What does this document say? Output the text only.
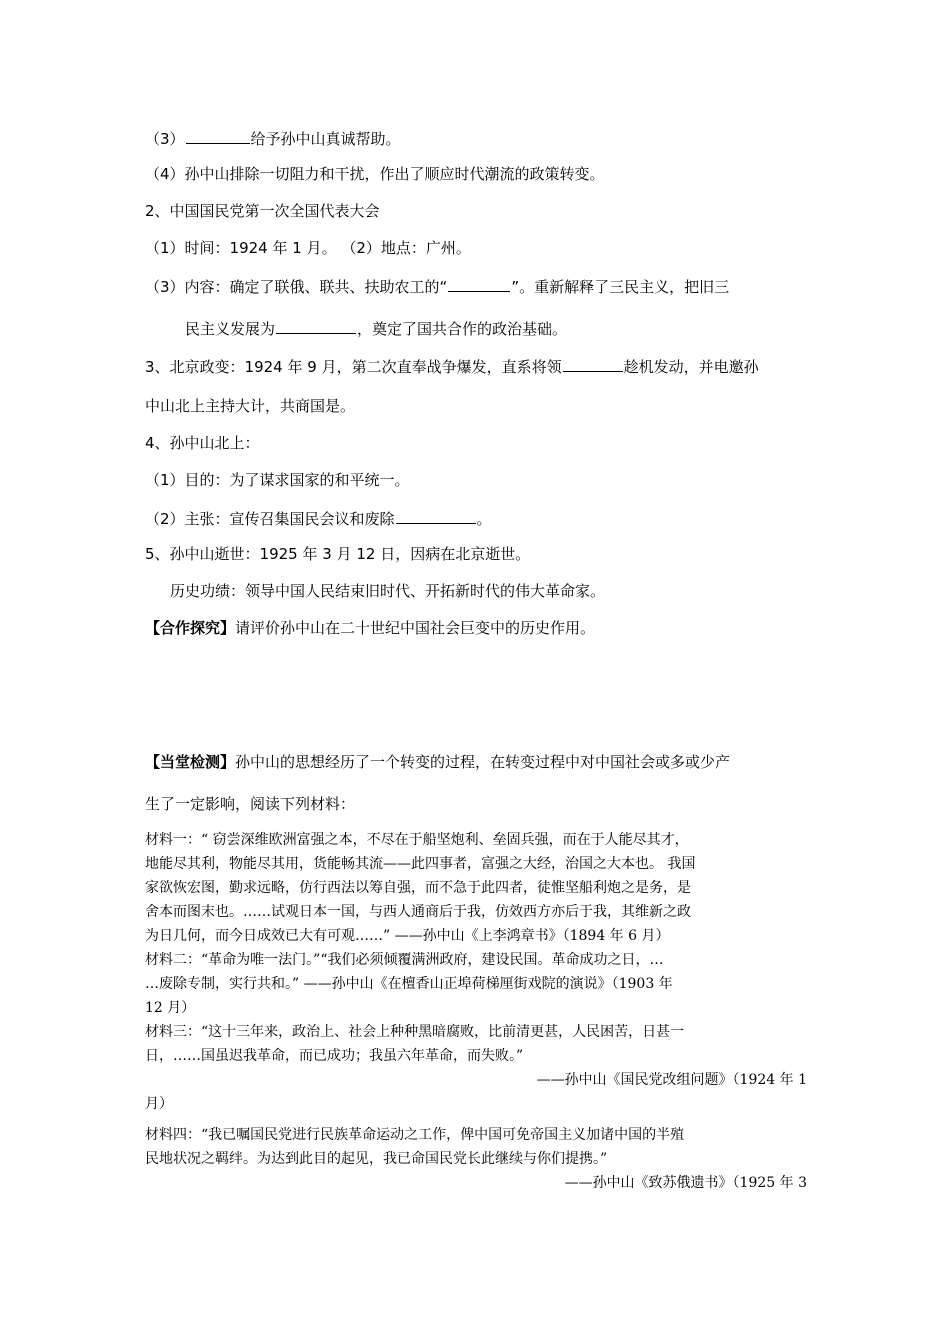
（3）	给予孙中山真诚帮助。
（4）孙中山排除一切阻力和干扰，作出了顺应时代潮流的政策转变。
2、中国国民党第一次全国代表大会
（1）时间：1924 年 1 月。 （2）地点：广州。
（3）内容：确定了联俄、联共、扶助农工的“	”。重新解释了三民主义，把旧三
民主义发展为	，奠定了国共合作的政治基础。
3、北京政变：1924 年 9 月，第二次直奉战争爆发，直系将领	趁机发动，并电邀孙
中山北上主持大计，共商国是。
4、孙中山北上：
（1）目的：为了谋求国家的和平统一。
（2）主张：宣传召集国民会议和废除	。
5、孙中山逝世：1925 年 3 月 12 日，因病在北京逝世。
历史功绩：领导中国人民结束旧时代、开拓新时代的伟大革命家。
【合作探究】请评价孙中山在二十世纪中国社会巨变中的历史作用。
【当堂检测】孙中山的思想经历了一个转变的过程，在转变过程中对中国社会或多或少产
生了一定影响，阅读下列材料：
材料一：“ 窃尝深维欧洲富强之本，不尽在于船坚炮利、垒固兵强，而在于人能尽其才，
地能尽其利，物能尽其用，货能畅其流——此四事者，富强之大经，治国之大本也。 我国
家欲恢宏图，勤求远略，仿行西法以筹自强，而不急于此四者，徒惟坚船利炮之是务，是
舍本而图末也。……试观日本一国，与西人通商后于我，仿效西方亦后于我，其维新之政
为日几何，而今日成效已大有可观……” ——孙中山《上李鸿章书》（1894 年 6 月）
材料二：“革命为唯一法门。”“我们必须倾覆满洲政府，建设民国。革命成功之日，…
…废除专制，实行共和。” ——孙中山《在檀香山正埠荷梯厘街戏院的演说》（1903 年
12 月）
材料三：“这十三年来，政治上、社会上种种黑暗腐败，比前清更甚，人民困苦，日甚一
日，……国虽迟我革命，而已成功；我虽六年革命，而失败。”
——孙中山《国民党改组问题》（1924 年 1
月）
材料四：“我已嘱国民党进行民族革命运动之工作，俾中国可免帝国主义加诸中国的半殖
民地状况之羁绊。为达到此目的起见，我已命国民党长此继续与你们提携。”
——孙中山《致苏俄遗书》（1925 年 3
